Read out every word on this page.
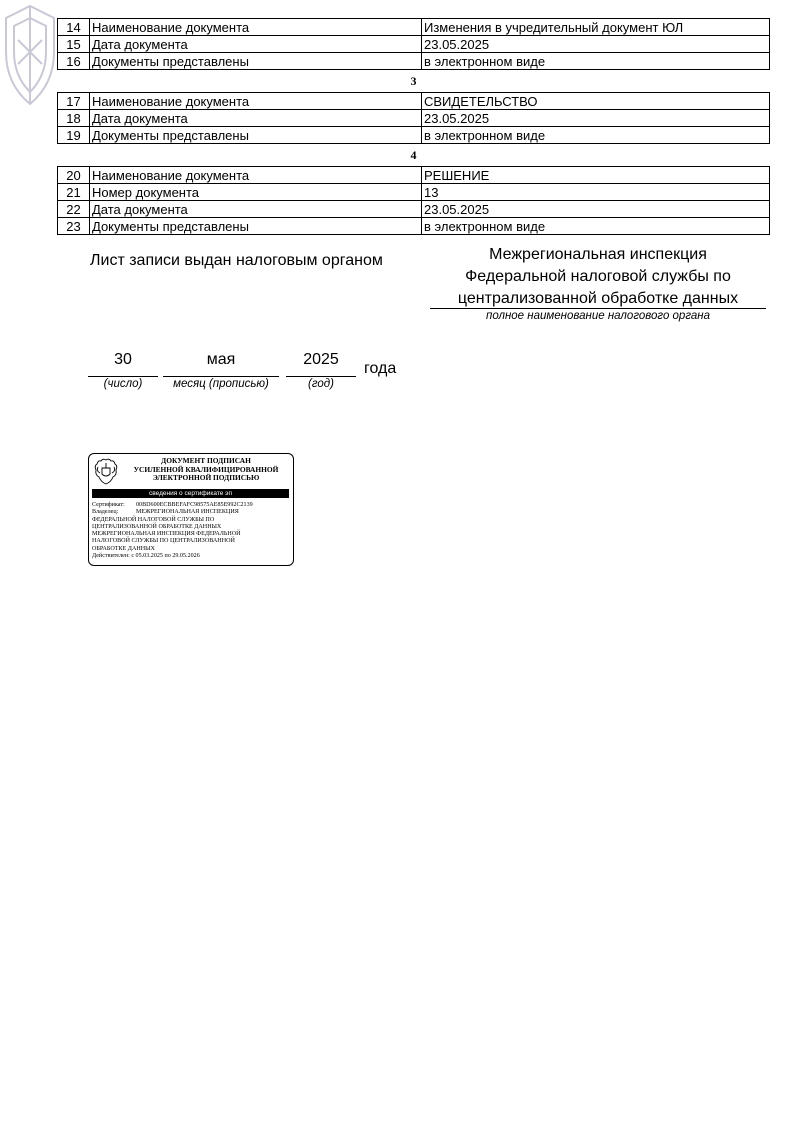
14	Наименование документа	Изменения в учредительный документ ЮЛ
15	Дата документа	23.05.2025
16	Документы представлены	в электронном виде
3
17	Наименование документа	СВИДЕТЕЛЬСТВО
18	Дата документа	23.05.2025
19	Документы представлены	в электронном виде
4
20	Наименование документа	РЕШЕНИЕ
21	Номер документа	13
22	Дата документа	23.05.2025
23	Документы представлены	в электронном виде
Лист записи выдан налоговым органом	Межрегиональная инспекция
Федеральной налоговой службы по
централизованной обработке данных
полное наименование налогового органа
30
(число)
мая
месяц (прописью)
2025
(год)
года
ДОКУМЕНТ ПОДПИСАН
УСИЛЕННОЙ КВАЛИФИЦИРОВАННОЙ
ЭЛЕКТРОННОЙ ПОДПИСЬЮ
сведения о сертификате эп
Сертификат: 00BD600ECBBEFAFC98575AE85E992C2139
Владелец:	МЕЖРЕГИОНАЛЬНАЯ ИНСПЕКЦИЯ
ФЕДЕРАЛЬНОЙ НАЛОГОВОЙ СЛУЖБЫ ПО
ЦЕНТРАЛИЗОВАННОЙ ОБРАБОТКЕ ДАННЫХ
МЕЖРЕГИОНАЛЬНАЯ ИНСПЕКЦИЯ ФЕДЕРАЛЬНОЙ
НАЛОГОВОЙ СЛУЖБЫ ПО ЦЕНТРАЛИЗОВАННОЙ
ОБРАБОТКЕ ДАННЫХ
Действителен: с 05.03.2025 по 29.05.2026
